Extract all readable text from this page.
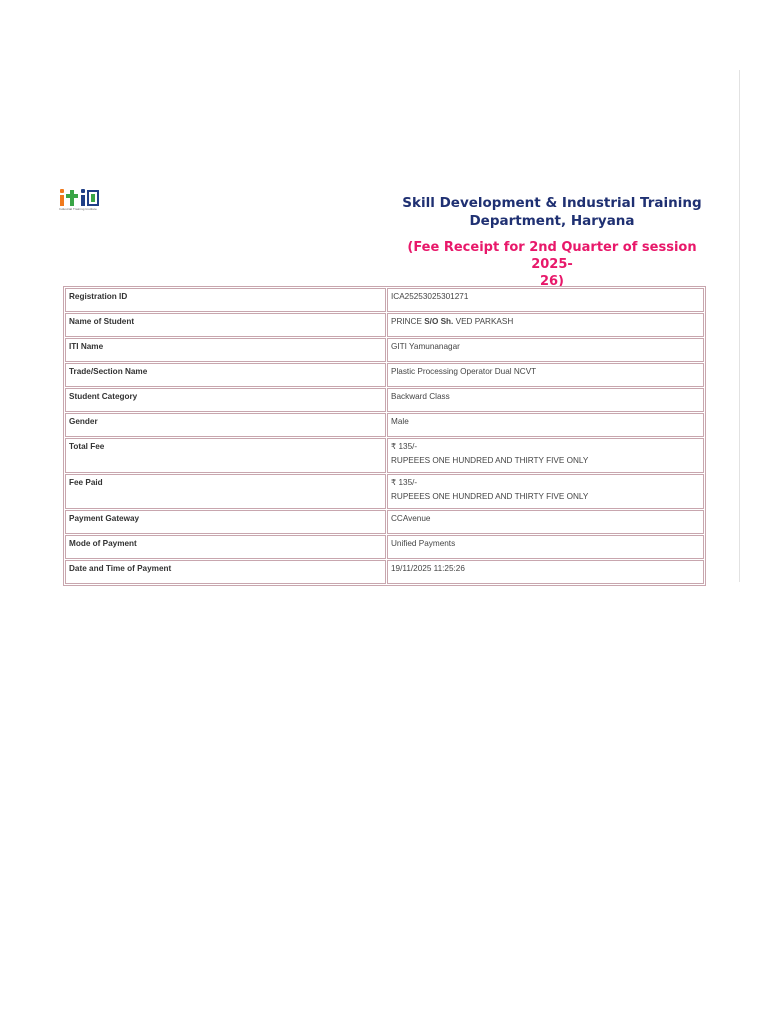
Industrial Training Institute	Skill Development & Industrial Training
Department, Haryana
(Fee Receipt for 2nd Quarter of session 2025-
26)
Registration ID	ICA25253025301271
Name of Student	PRINCE S/O Sh. VED PARKASH
ITI Name	GITI Yamunanagar
Trade/Section Name	Plastic Processing Operator Dual NCVT
Student Category	Backward Class
Gender	Male
Total Fee	₹ 135/-
RUPEEES ONE HUNDRED AND THIRTY FIVE ONLY

Fee Paid	₹ 135/-
RUPEEES ONE HUNDRED AND THIRTY FIVE ONLY

Payment Gateway	CCAvenue
Mode of Payment	Unified Payments
Date and Time of Payment	19/11/2025 11:25:26
